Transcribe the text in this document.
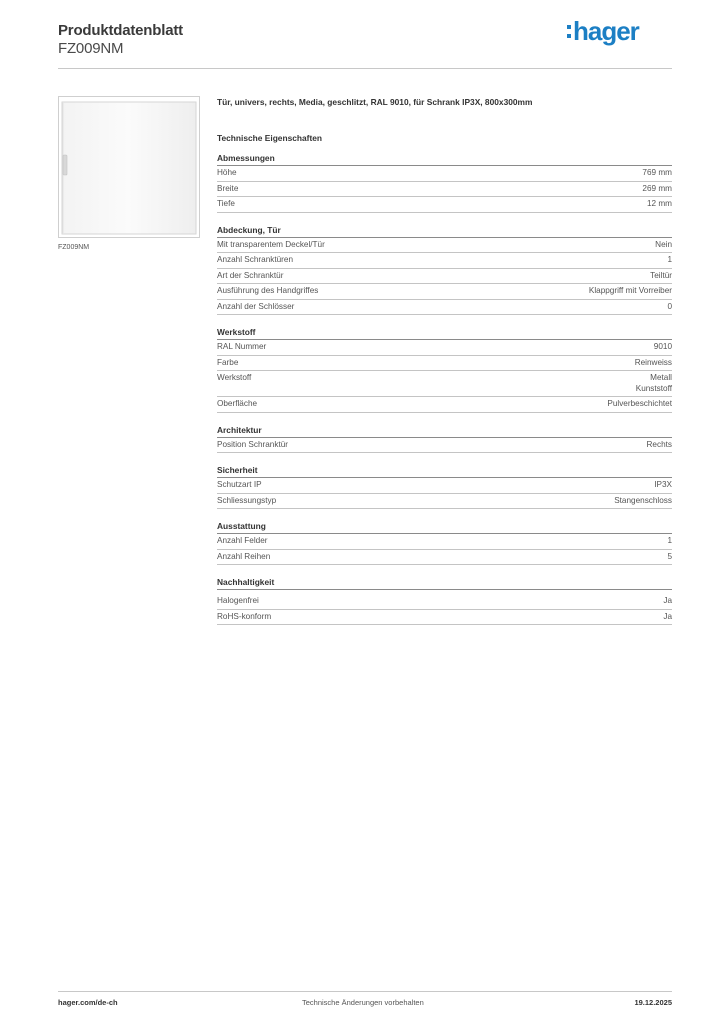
Produktdatenblatt
FZ009NM
hager
FZ009NM
Tür, univers, rechts, Media, geschlitzt, RAL 9010, für Schrank IP3X, 800x300mm
Technische Eigenschaften
Abmessungen
Höhe	769 mm
Breite	269 mm
Tiefe	12 mm
Abdeckung, Tür
Mit transparentem Deckel/Tür	Nein
Anzahl Schranktüren	1
Art der Schranktür	Teiltür
Ausführung des Handgriffes	Klappgriff mit Vorreiber
Anzahl der Schlösser	0
Werkstoff
RAL Nummer	9010
Farbe	Reinweiss
Werkstoff	Metall
Kunststoff
Oberfläche	Pulverbeschichtet
Architektur
Position Schranktür	Rechts
Sicherheit
Schutzart IP	IP3X
Schliessungstyp	Stangenschloss
Ausstattung
Anzahl Felder	1
Anzahl Reihen	5
Nachhaltigkeit
Halogenfrei	Ja
RoHS-konform	Ja
hager.com/de-ch	Technische Änderungen vorbehalten	19.12.2025
